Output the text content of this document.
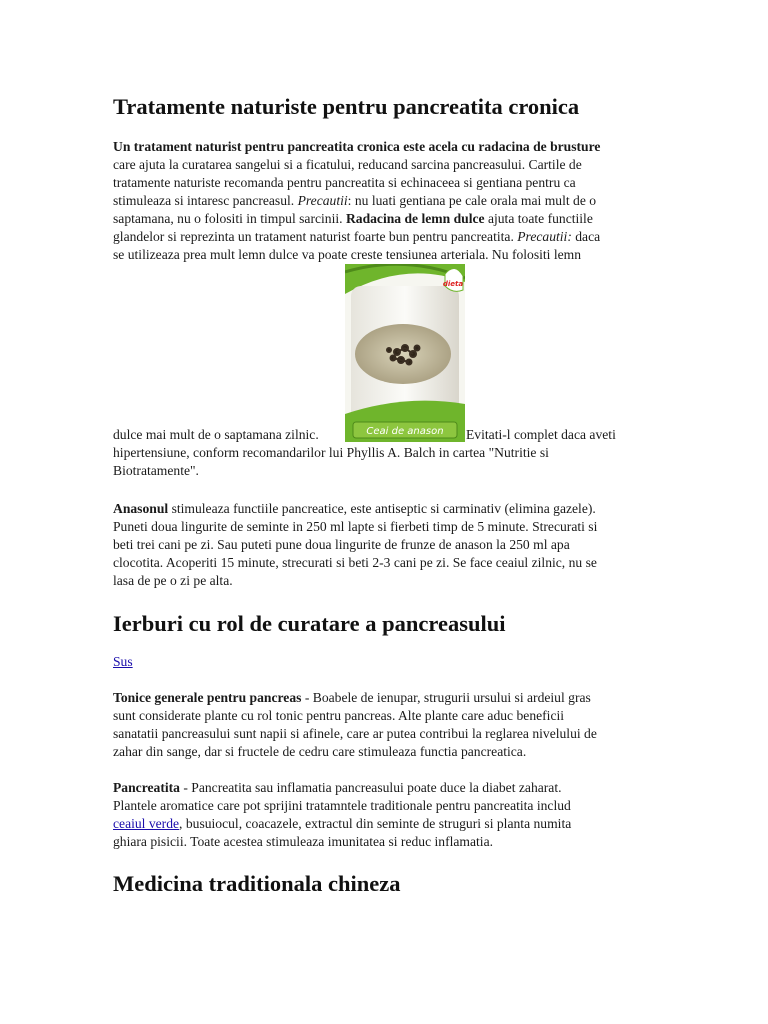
Tratamente naturiste pentru pancreatita cronica
Un tratament naturist pentru pancreatita cronica este acela cu radacina de brusture
care ajuta la curatarea sangelui si a ficatului, reducand sarcina pancreasului. Cartile de
tratamente naturiste recomanda pentru pancreatita si echinaceea si gentiana pentru ca
stimuleaza si intaresc pancreasul. Precautii: nu luati gentiana pe cale orala mai mult de o
saptamana, nu o folositi in timpul sarcinii. Radacina de lemn dulce ajuta toate functiile
glandelor si reprezinta un tratament naturist foarte bun pentru pancreatita. Precautii: daca
se utilizeaza prea mult lemn dulce va poate creste tensiunea arteriala. Nu folositi lemn
dulce mai mult de o saptamana zilnic.	Ceai de anason
dieta
Evitati-l complet daca aveti
hipertensiune, conform recomandarilor lui Phyllis A. Balch in cartea "Nutritie si
Biotratamente".
Anasonul stimuleaza functiile pancreatice, este antiseptic si carminativ (elimina gazele).
Puneti doua lingurite de seminte in 250 ml lapte si fierbeti timp de 5 minute. Strecurati si
beti trei cani pe zi. Sau puteti pune doua lingurite de frunze de anason la 250 ml apa
clocotita. Acoperiti 15 minute, strecurati si beti 2-3 cani pe zi. Se face ceaiul zilnic, nu se
lasa de pe o zi pe alta.
Ierburi cu rol de curatare a pancreasului
Sus
Tonice generale pentru pancreas - Boabele de ienupar, strugurii ursului si ardeiul gras
sunt considerate plante cu rol tonic pentru pancreas. Alte plante care aduc beneficii
sanatatii pancreasului sunt napii si afinele, care ar putea contribui la reglarea nivelului de
zahar din sange, dar si fructele de cedru care stimuleaza functia pancreatica.
Pancreatita - Pancreatita sau inflamatia pancreasului poate duce la diabet zaharat.
Plantele aromatice care pot sprijini tratamntele traditionale pentru pancreatita includ
ceaiul verde, busuiocul, coacazele, extractul din seminte de struguri si planta numita
ghiara pisicii. Toate acestea stimuleaza imunitatea si reduc inflamatia.
Medicina traditionala chineza
